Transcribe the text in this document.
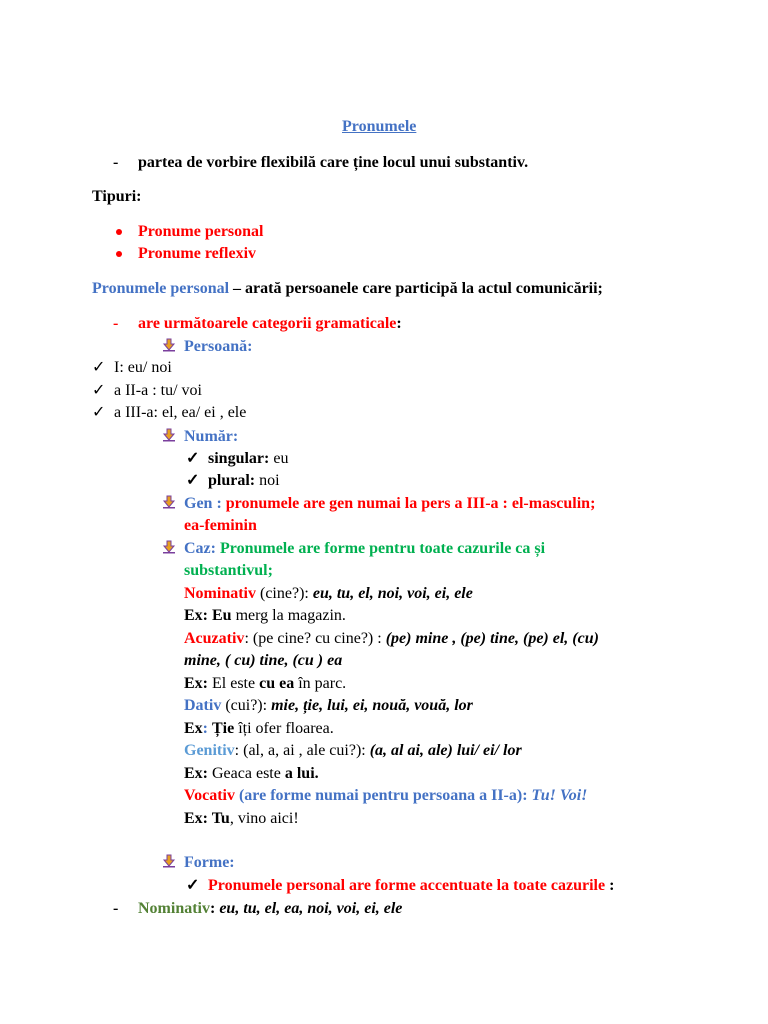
Pronumele
- partea de vorbire flexibilă care ține locul unui substantiv.
Tipuri:
Pronume personal
Pronume reflexiv
Pronumele personal – arată persoanele care participă la actul comunicării;
- are următoarele categorii gramaticale:
Persoană:
✓ I: eu/ noi
✓ a II-a : tu/ voi
✓ a III-a: el, ea/ ei , ele
Număr:
✓ singular: eu
✓ plural: noi
Gen : pronumele are gen numai la pers a III-a : el-masculin;
ea-feminin
Caz: Pronumele are forme pentru toate cazurile ca și
substantivul;
Nominativ (cine?): eu, tu, el, noi, voi, ei, ele
Ex: Eu merg la magazin.
Acuzativ: (pe cine? cu cine?) : (pe) mine , (pe) tine, (pe) el, (cu)
mine, ( cu) tine, (cu ) ea
Ex: El este cu ea în parc.
Dativ (cui?): mie, ție, lui, ei, nouă, vouă, lor
Ex: Ție îți ofer floarea.
Genitiv: (al, a, ai , ale cui?): (a, al ai, ale) lui/ ei/ lor
Ex: Geaca este a lui.
Vocativ (are forme numai pentru persoana a II-a): Tu! Voi!
Ex: Tu, vino aici!
Forme:
✓ Pronumele personal are forme accentuate la toate cazurile :
- Nominativ: eu, tu, el, ea, noi, voi, ei, ele
